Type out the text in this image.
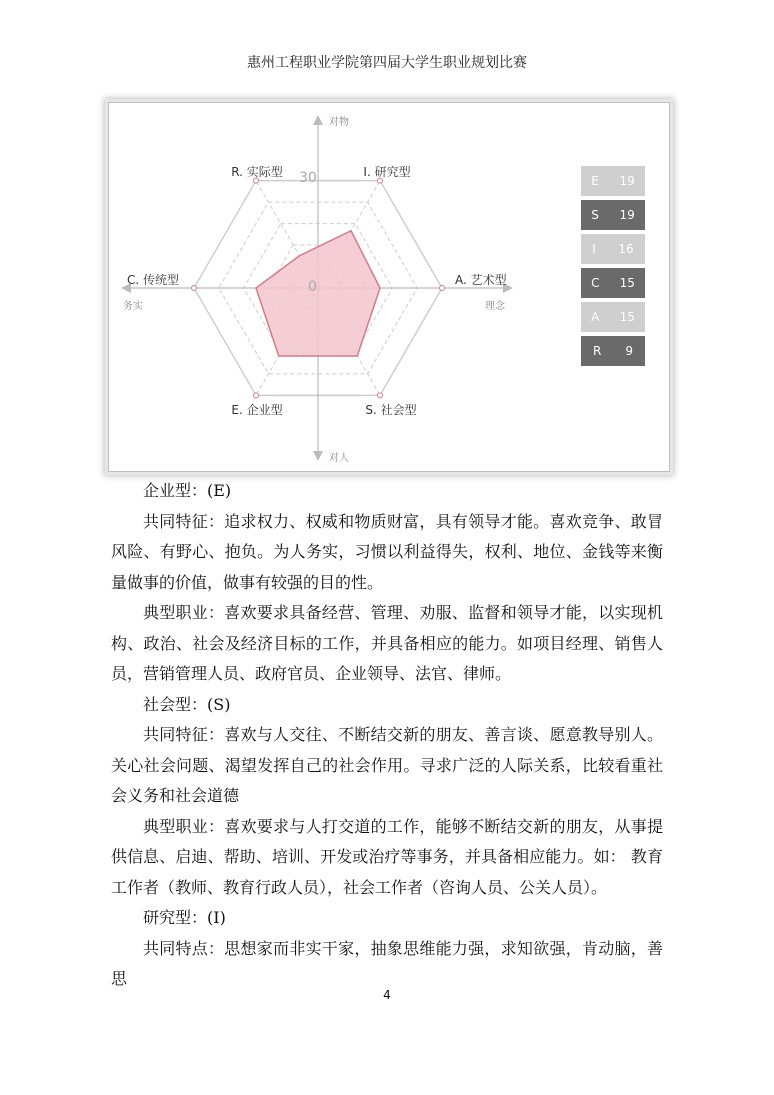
惠州工程职业学院第四届大学生职业规划比赛
对物
对人
务实	理念
R. 实际型	I. 研究型
A. 艺术型
S. 社会型
E. 企业型
C. 传统型
30
0
E 19
S 19
I 16
C 15
A 15
R 9

企业型：(E)

共同特征：追求权力、权威和物质财富，具有领导才能。喜欢竞争、敢冒风险、有野心、抱负。为人务实，习惯以利益得失，权利、地位、金钱等来衡量做事的价值，做事有较强的目的性。

典型职业：喜欢要求具备经营、管理、劝服、监督和领导才能，以实现机构、政治、社会及经济目标的工作，并具备相应的能力。如项目经理、销售人员，营销管理人员、政府官员、企业领导、法官、律师。

社会型：(S)

共同特征：喜欢与人交往、不断结交新的朋友、善言谈、愿意教导别人。关心社会问题、渴望发挥自己的社会作用。寻求广泛的人际关系，比较看重社会义务和社会道德

典型职业：喜欢要求与人打交道的工作，能够不断结交新的朋友，从事提供信息、启迪、帮助、培训、开发或治疗等事务，并具备相应能力。如： 教育工作者（教师、教育行政人员），社会工作者（咨询人员、公关人员）。

研究型：(I)

共同特点：思想家而非实干家，抽象思维能力强，求知欲强，肯动脑，善思

4
